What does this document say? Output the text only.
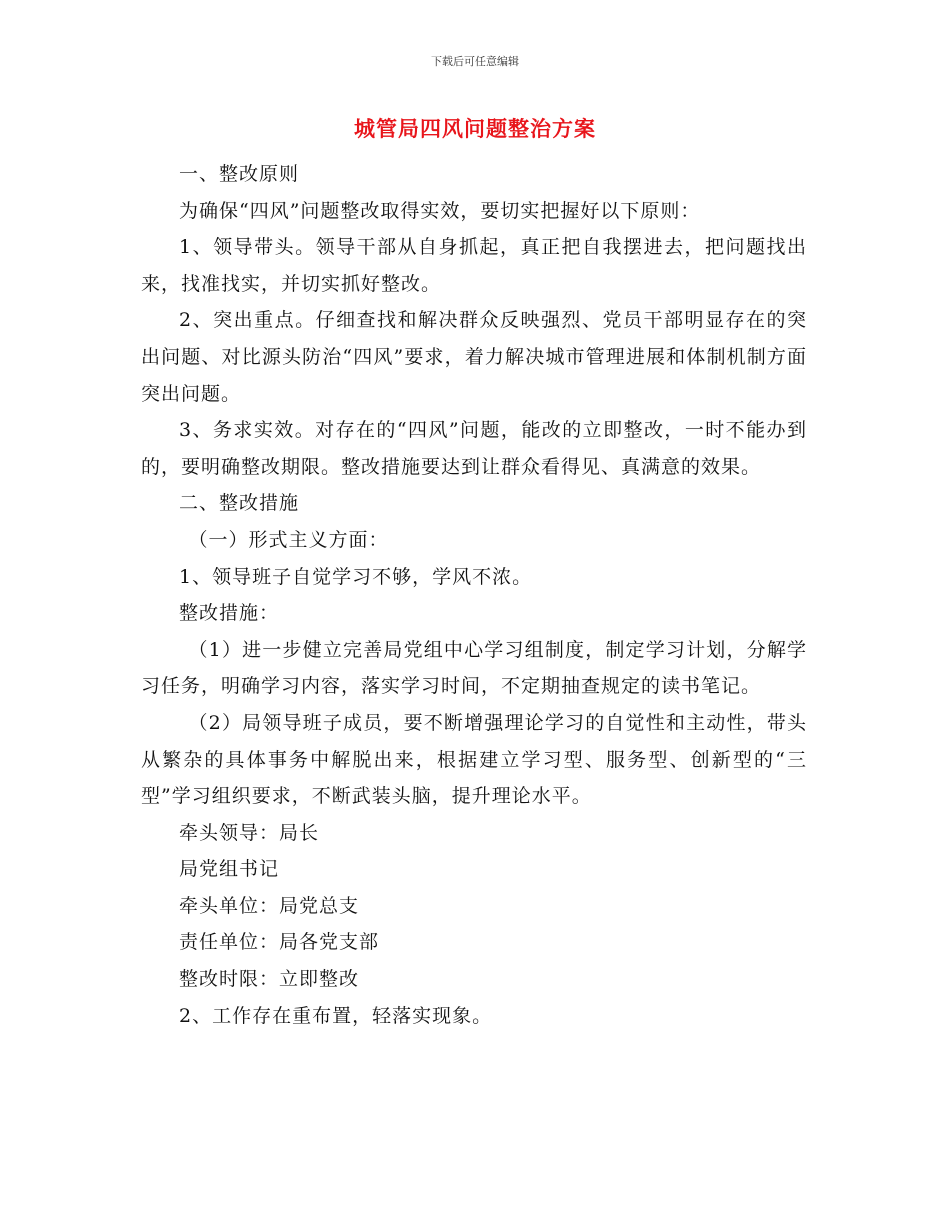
下载后可任意编辑
城管局四风问题整治方案

一、整改原则

为确保“四风”问题整改取得实效，要切实把握好以下原则：

1、领导带头。领导干部从自身抓起，真正把自我摆进去，把问题找出来，找准找实，并切实抓好整改。

2、突出重点。仔细查找和解决群众反映强烈、党员干部明显存在的突出问题、对比源头防治“四风”要求，着力解决城市管理进展和体制机制方面突出问题。

3、务求实效。对存在的“四风”问题，能改的立即整改，一时不能办到的，要明确整改期限。整改措施要达到让群众看得见、真满意的效果。

二、整改措施

（一）形式主义方面：

1、领导班子自觉学习不够，学风不浓。

整改措施：

（1）进一步健立完善局党组中心学习组制度，制定学习计划，分解学习任务，明确学习内容，落实学习时间，不定期抽查规定的读书笔记。

（2）局领导班子成员，要不断增强理论学习的自觉性和主动性，带头从繁杂的具体事务中解脱出来，根据建立学习型、服务型、创新型的“三型”学习组织要求，不断武装头脑，提升理论水平。

牵头领导：局长

局党组书记

牵头单位：局党总支

责任单位：局各党支部

整改时限：立即整改

2、工作存在重布置，轻落实现象。
